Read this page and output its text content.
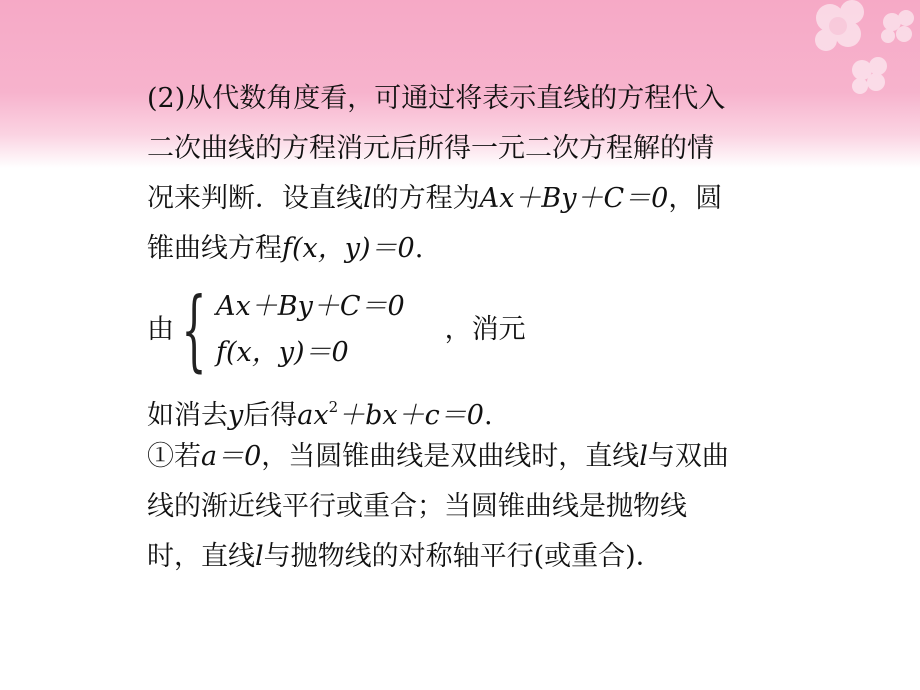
(2)从代数角度看，可通过将表示直线的方程代入
二次曲线的方程消元后所得一元二次方程解的情
况来判断．设直线l的方程为Ax＋By＋C＝0，圆
锥曲线方程f(x，y)＝0.
由 { Ax＋By＋C＝0
f(x，y)＝0
，消元
如消去y后得$ax^2+bx+c=0$.
①若a＝0，当圆锥曲线是双曲线时，直线l与双曲
线的渐近线平行或重合；当圆锥曲线是抛物线
时，直线l与抛物线的对称轴平行(或重合)．
